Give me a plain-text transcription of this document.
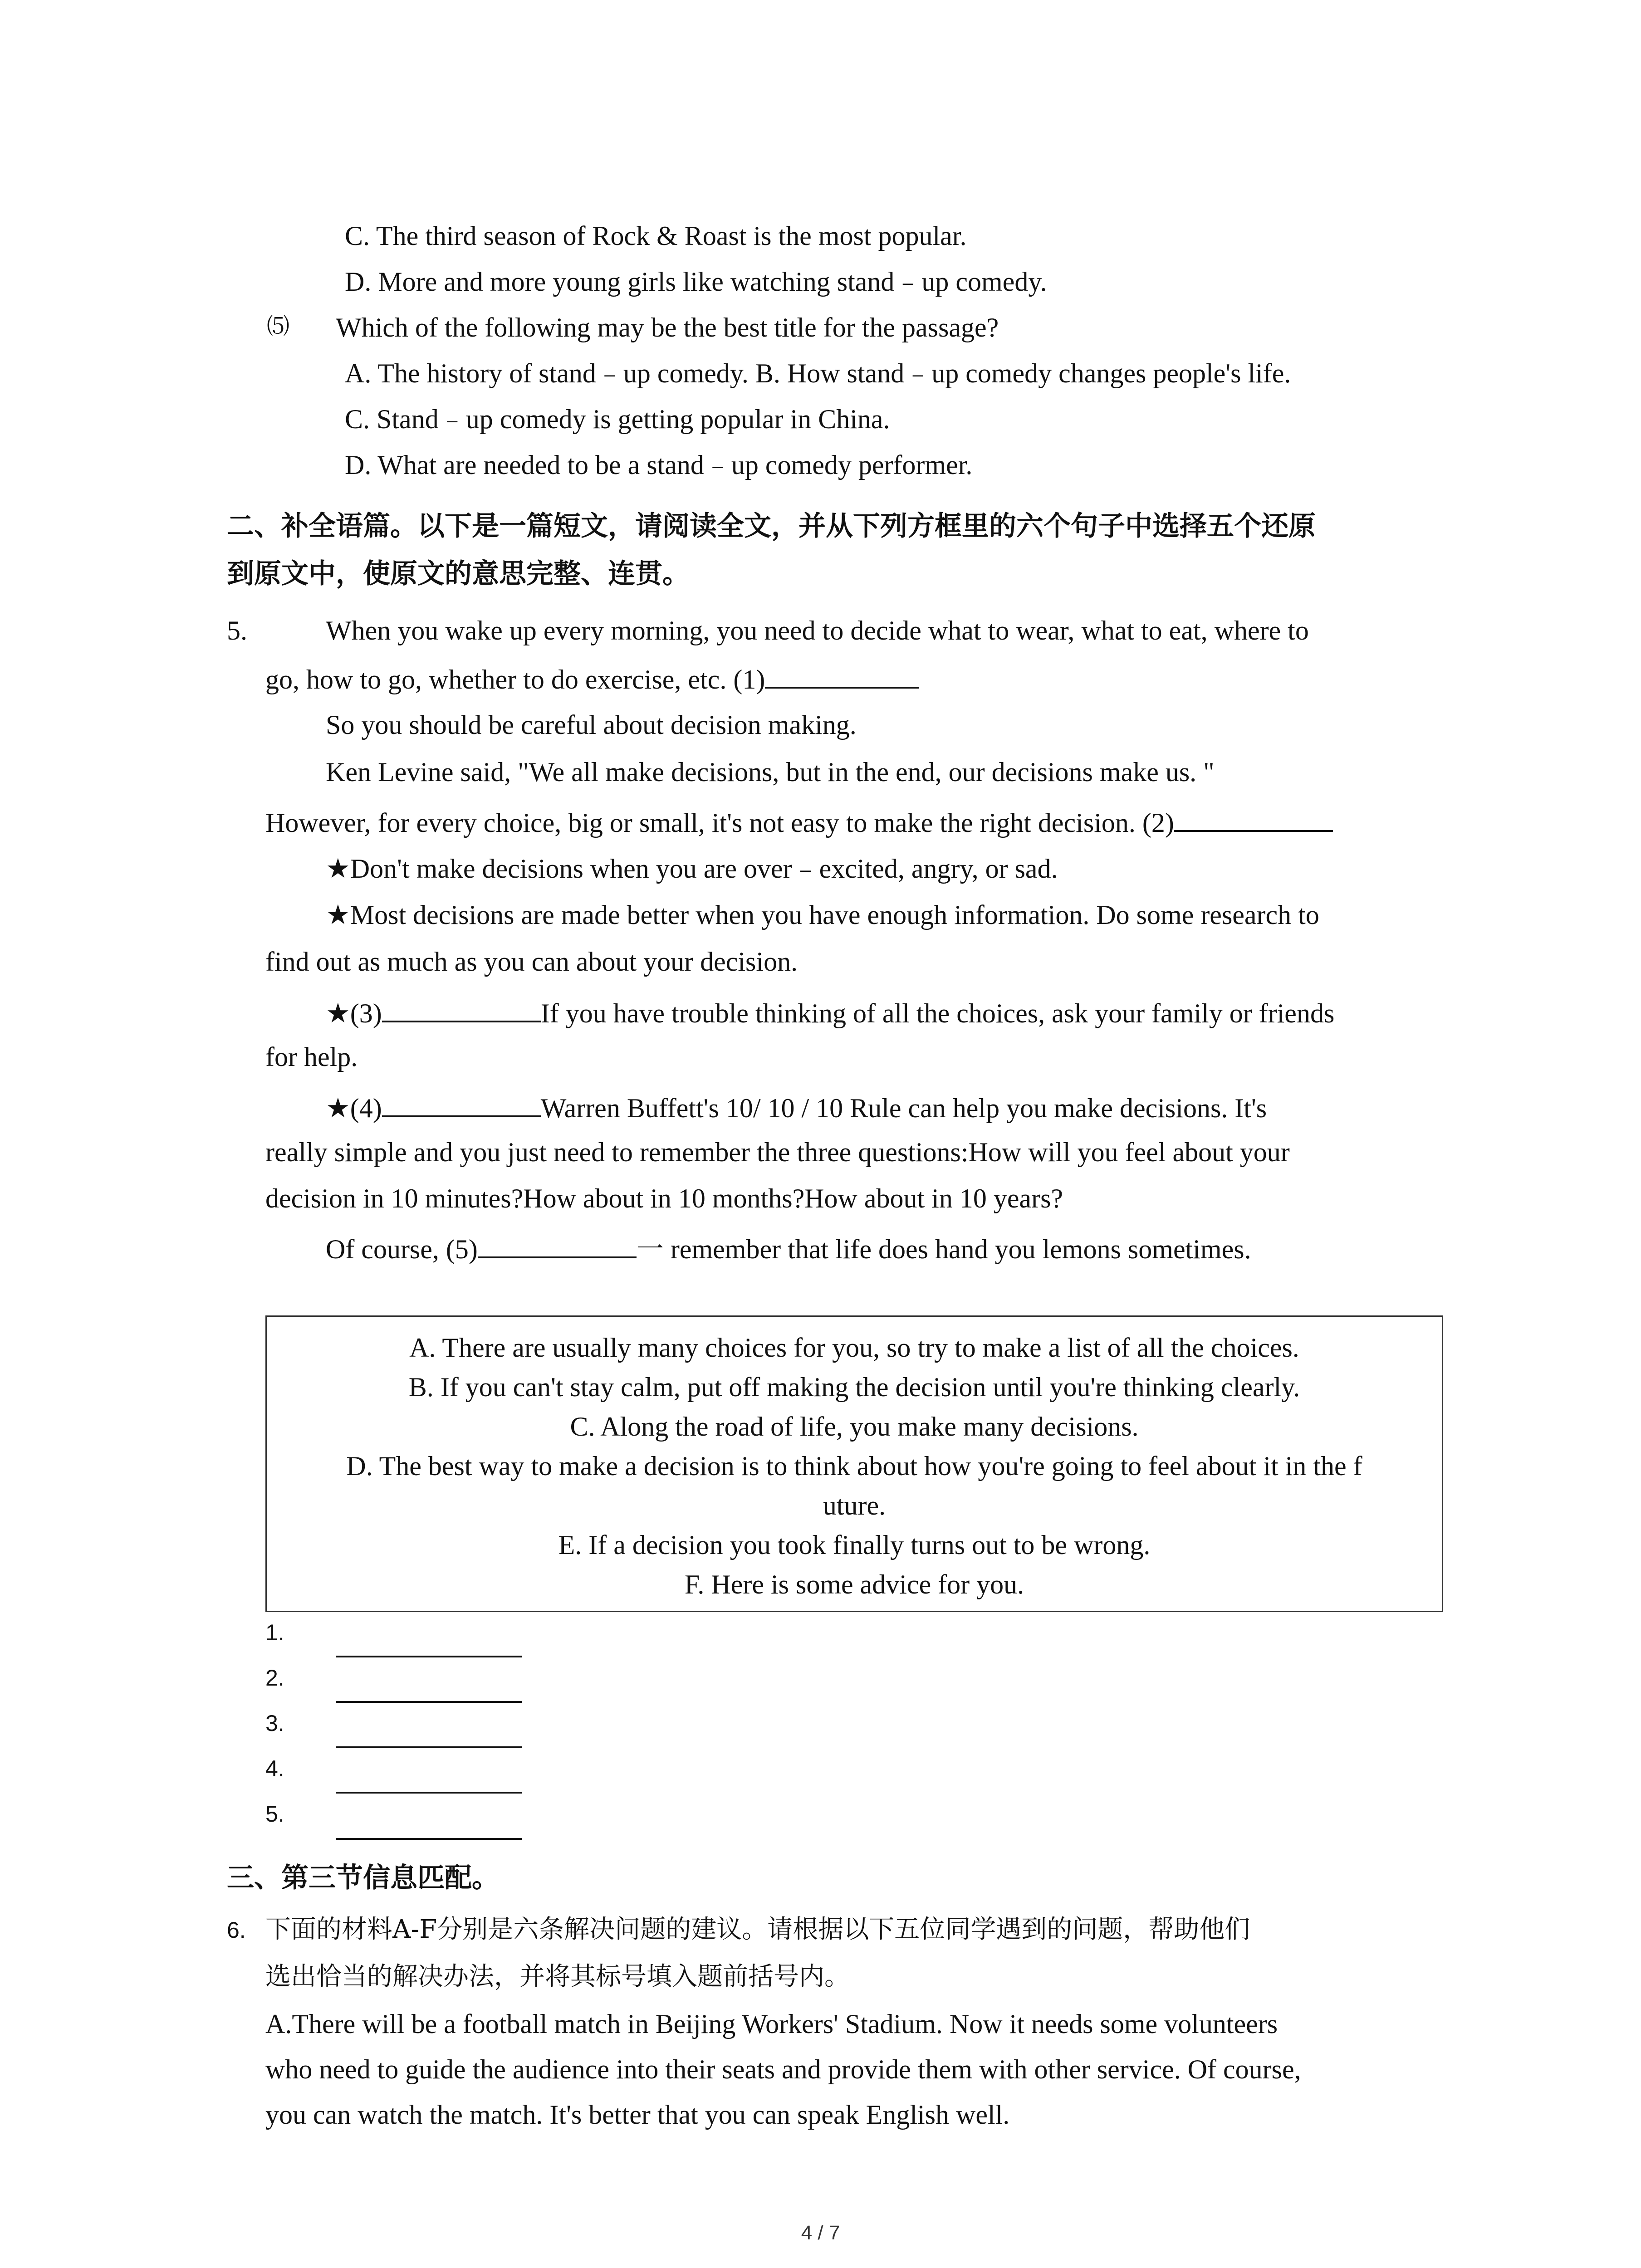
C. The third season of Rock & Roast is the most popular.
D. More and more young girls like watching stand﹣up comedy.
⑸ Which of the following may be the best title for the passage?
A. The history of stand﹣up comedy. B. How stand﹣up comedy changes people's life.
C. Stand﹣up comedy is getting popular in China.
D. What are needed to be a stand﹣up comedy performer.
二、补全语篇。以下是一篇短文，请阅读全文，并从下列方框里的六个句子中选择五个还原
到原文中，使原文的意思完整、连贯。
5.	When you wake up every morning, you need to decide what to wear, what to eat, where to
go, how to go, whether to do exercise, etc. (1)
So you should be careful about decision making.
Ken Levine said, "We all make decisions, but in the end, our decisions make us. "
However, for every choice, big or small, it's not easy to make the right decision. (2)
★Don't make decisions when you are over﹣excited, angry, or sad.
★Most decisions are made better when you have enough information. Do some research to
find out as much as you can about your decision.
★(3)	If you have trouble thinking of all the choices, ask your family or friends
for help.
★(4)	Warren Buffett's 10/ 10 / 10 Rule can help you make decisions. It's
really simple and you just need to remember the three questions:How will you feel about your
decision in 10 minutes?How about in 10 months?How about in 10 years?
Of course, (5)	一 remember that life does hand you lemons sometimes.
A. There are usually many choices for you, so try to make a list of all the choices.
B. If you can't stay calm, put off making the decision until you're thinking clearly.
C. Along the road of life, you make many decisions.
D. The best way to make a decision is to think about how you're going to feel about it in the f
uture.
E. If a decision you took finally turns out to be wrong.
F. Here is some advice for you.
1.
2.
3.
4.
5.
三、第三节信息匹配。
6. 下面的材料A-F分别是六条解决问题的建议。请根据以下五位同学遇到的问题，帮助他们
选出恰当的解决办法，并将其标号填入题前括号内。
A.There will be a football match in Beijing Workers' Stadium. Now it needs some volunteers
who need to guide the audience into their seats and provide them with other service. Of course,
you can watch the match. It's better that you can speak English well.
4 / 7
